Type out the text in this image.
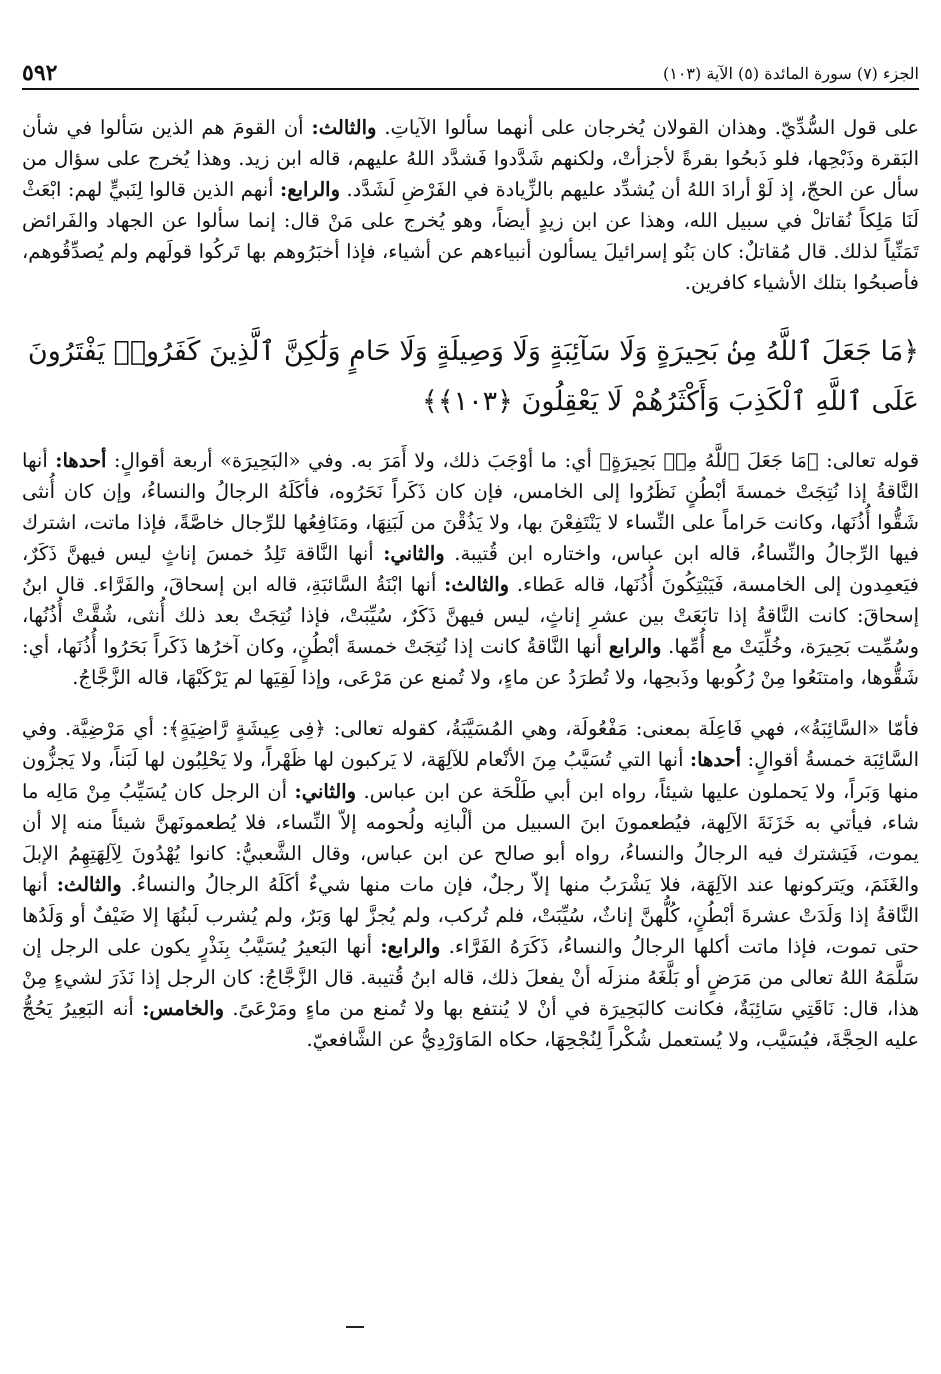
٥٩٢	الجزء (٧) سورة المائدة (٥) الآية (١٠٣)

على قول السُّدِّيّ. وهذان القولان يُخرجان على أنهما سألوا الآياتِ. والثالث: أن القومَ هم الذين سَألوا في شأن البَقرة وذَبْحِها، فلو ذَبحُوا بقرةً لأجزأتْ، ولكنهم شَدَّدوا فَشدَّد اللهُ عليهم، قاله ابن زيد. وهذا يُخرج على سؤال من سأل عن الحجّ، إذ لَوْ أرادَ اللهُ أن يُشدِّد عليهم بالزِّيادة في الفَرْضِ لَشَدَّد. والرابع: أنهم الذين قالوا لِنَبيٍّ لهم: ابْعَثْ لَنَا مَلِكاً نُقاتلْ في سبيل الله، وهذا عن ابن زيدٍ أيضاً، وهو يُخرج على مَنْ قال: إنما سألوا عن الجهاد والفَرائض تَمَنِّياً لذلك. قال مُقاتلٌ: كان بَنُو إسرائيلَ يسألون أنبياءهم عن أشياء، فإذا أخبَرُوهم بها تَركُوا قولَهم ولم يُصدِّقُوهم، فأصبحُوا بتلك الأشياء كافرين.

﴿مَا جَعَلَ ٱللَّهُ مِنۢ بَحِيرَةٍ وَلَا سَآئِبَةٍ وَلَا وَصِيلَةٍ وَلَا حَامٍ وَلَٰكِنَّ ٱلَّذِينَ كَفَرُوا۟ يَفْتَرُونَ عَلَى ٱللَّهِ ٱلْكَذِبَ وَأَكْثَرُهُمْ لَا يَعْقِلُونَ ﴿١٠٣﴾﴾

قوله تعالى: ﴿مَا جَعَلَ ٱللَّهُ مِنۢ بَحِيرَةٍ﴾ أي: ما أوْجَبَ ذلك، ولا أَمَرَ به. وفي «البَحِيرَة» أربعة أقوالٍ: أحدها: أنها النَّاقةُ إذا نُتِجَتْ خمسةَ أبْطُنٍ نَظَرُوا إلى الخامس، فإن كان ذَكَراً نَحَرُوه، فأكَلَهُ الرجالُ والنساءُ، وإن كان أُنثى شَقُّوا أُذُنَها، وكانت حَراماً على النِّساء لا يَنْتَفِعْنَ بها، ولا يَذُقْنَ من لَبَنِهَا، ومَنَافِعُها للرِّجال خاصَّةً، فإذا ماتت، اشترك فيها الرِّجالُ والنِّساءُ، قاله ابن عباس، واختاره ابن قُتيبة. والثاني: أنها النَّاقة تَلِدُ خمسَ إناثٍ ليس فيهنَّ ذَكَرٌ، فيَعمِدون إلى الخامسة، فَيَبْتِكُونَ أُذُنَها، قاله عَطاء. والثالث: أنها ابْنَةُ السَّائبَةِ، قاله ابن إسحاقَ، والفَرَّاء. قال ابنُ إسحاقَ: كانت النَّاقةُ إذا تابَعَتْ بين عشرِ إناثٍ، ليس فيهنَّ ذَكَرٌ، سُيِّبَتْ، فإذا نُتِجَتْ بعد ذلك أُنثى، شُقَّتْ أُذُنُها، وسُمِّيت بَحِيرَة، وخُلِّيَتْ مع أُمِّها. والرابع أنها النَّاقةُ كانت إذا نُتِجَتْ خمسةَ أبْطُنٍ، وكان آخرُها ذَكَراً بَحَرُوا أُذُنَها، أي: شَقُّوها، وامتنَعُوا مِنْ رُكُوبها وذَبحِها، ولا تُطرَدُ عن ماءٍ، ولا تُمنع عن مَرْعَى، وإذا لَقِيَها لم يَرْكَبْهَا، قاله الزَّجَّاجُ.

فأمّا «السَّائِبَةُ»، فهي فَاعِلَة بمعنى: مَفْعُولَة، وهي المُسَيَّبَةُ، كقوله تعالى: ﴿فِى عِيشَةٍ رَّاضِيَةٍ﴾: أي مَرْضِيَّة. وفي السَّائِبَة خمسةُ أقوالٍ: أحدها: أنها التي تُسَيَّبُ مِنَ الأنْعام للآلِهَة، لا يَركبون لها ظَهْراً، ولا يَحْلِبُون لها لَبَناً، ولا يَجزُّون منها وَبَراً، ولا يَحملون عليها شيئاً، رواه ابن أبي طَلْحَة عن ابن عباس. والثاني: أن الرجل كان يُسَيِّبُ مِنْ مَالِه ما شاء، فيأتي به خَزَنَةَ الآلِهة، فيُطعمونَ ابنَ السبيل من ألْبانِه ولُحومه إلاّ النِّساء، فلا يُطعمونَهنَّ شيئاً منه إلا أن يموت، فَيَشترك فيه الرجالُ والنساءُ، رواه أبو صالح عن ابن عباس، وقال الشَّعبيُّ: كانوا يُهْدُونَ لِآلِهَتِهِمُ الإبلَ والغَنَمَ، ويَتركونها عند الآلِهَة، فلا يَشْرَبُ منها إلاّ رجلٌ، فإن مات منها شيءٌ أكَلَهُ الرجالُ والنساءُ. والثالث: أنها النَّاقةُ إذا وَلَدَتْ عشرةَ أبْطُنٍ، كُلُّهنَّ إناثٌ، سُيِّبَتْ، فلم تُركب، ولم يُجزَّ لها وَبَرٌ، ولم يُشرب لَبنُهَا إلا ضَيْفٌ أو وَلَدُها حتى تموت، فإذا ماتت أكلها الرجالُ والنساءُ، ذَكَرَهُ الفَرَّاء. والرابع: أنها البَعيرُ يُسَيَّبُ بِنَذْرٍ يكون على الرجل إن سَلَّمَهُ اللهُ تعالى من مَرَضٍ أو بَلَّغَهُ منزلَه أنْ يفعلَ ذلك، قاله ابنُ قُتيبة. قال الزَّجَّاجُ: كان الرجل إذا نَذَرَ لشيءٍ مِنْ هذا، قال: نَاقَتِي سَائِبَةٌ، فكانت كالبَحِيرَة في أنْ لا يُنتفع بها ولا تُمنع من ماءٍ ومَرْعَىً. والخامس: أنه البَعِيرُ يَحُجُّ عليه الحِجَّةَ، فيُسَيَّب، ولا يُستعمل شُكْراً لِنُجْحِهَا، حكاه المَاوَرْدِيُّ عن الشَّافعيّ.
